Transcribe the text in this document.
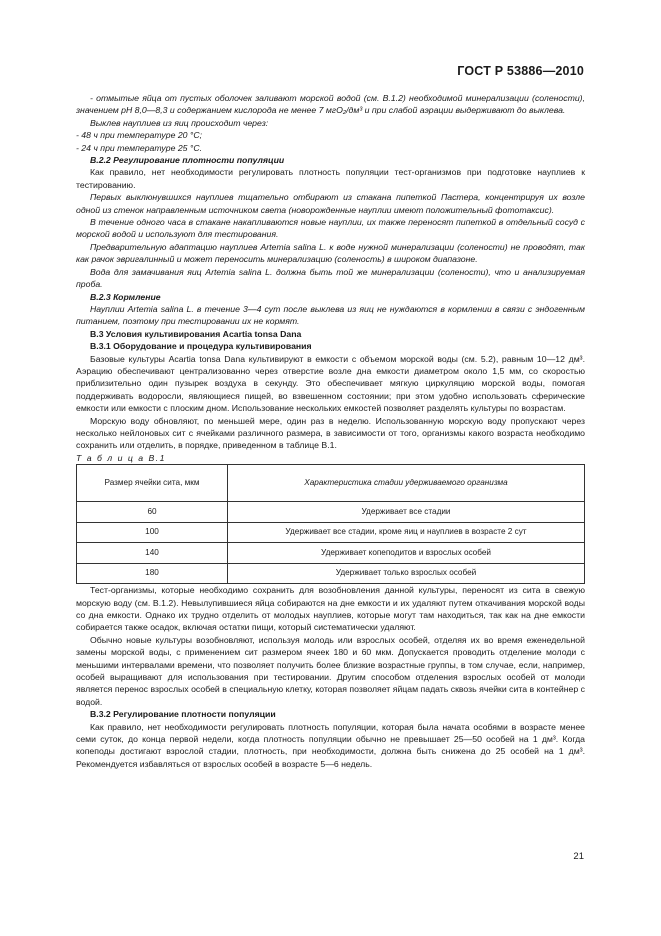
ГОСТ Р 53886—2010

- отмытые яйца от пустых оболочек заливают морской водой (см. В.1.2) необходимой минерализации (солености), значением pH 8,0—8,3 и содержанием кислорода не менее 7 мгO₂/дм³ и при слабой аэрации выдерживают до выклева.

Выклев науплиев из яиц происходит через:

- 48 ч при температуре 20 °С;

- 24 ч при температуре 25 °С.

В.2.2 Регулирование плотности популяции

Как правило, нет необходимости регулировать плотность популяции тест-организмов при подготовке науплиев к тестированию.

Первых выклюнувшихся науплиев тщательно отбирают из стакана пипеткой Пастера, концентрируя их возле одной из стенок направленным источником света (новорожденные науплии имеют положительный фототаксис).

В течение одного часа в стакане накапливаются новые науплии, их также переносят пипеткой в отдельный сосуд с морской водой и используют для тестирования.

Предварительную адаптацию науплиев Artemia salina L. к воде нужной минерализации (солености) не проводят, так как рачок эвригалинный и может переносить минерализацию (соленость) в широком диапазоне.

Вода для замачивания яиц Artemia salina L. должна быть той же минерализации (солености), что и анализируемая проба.

В.2.3 Кормление

Науплии Artemia salina L. в течение 3—4 сут после выклева из яиц не нуждаются в кормлении в связи с эндогенным питанием, поэтому при тестировании их не кормят.

В.3 Условия культивирования Acartia tonsa Dana

В.3.1 Оборудование и процедура культивирования

Базовые культуры Acartia tonsa Dana культивируют в емкости с объемом морской воды (см. 5.2), равным 10—12 дм³. Аэрацию обеспечивают централизованно через отверстие возле дна емкости диаметром около 1,5 мм, со скоростью приблизительно один пузырек воздуха в секунду. Это обеспечивает мягкую циркуляцию морской воды, помогая поддерживать водоросли, являющиеся пищей, во взвешенном состоянии; при этом удобно использовать сферические емкости или емкости с плоским дном. Использование нескольких емкостей позволяет разделять культуры по возрастам.

Морскую воду обновляют, по меньшей мере, один раз в неделю. Использованную морскую воду пропускают через несколько нейлоновых сит с ячейками различного размера, в зависимости от того, организмы какого возраста необходимо сохранить или отделить, в порядке, приведенном в таблице В.1.

Т а б л и ц а В.1

Размер ячейки сита, мкм	Характеристика стадии удерживаемого организма
60	Удерживает все стадии
100	Удерживает все стадии, кроме яиц и науплиев в возрасте 2 сут
140	Удерживает копеподитов и взрослых особей
180	Удерживает только взрослых особей

Тест-организмы, которые необходимо сохранить для возобновления данной культуры, переносят из сита в свежую морскую воду (см. В.1.2). Невылупившиеся яйца собираются на дне емкости и их удаляют путем откачивания морской воды со дна емкости. Однако их трудно отделить от молодых науплиев, которые могут там находиться, так как на дне емкости собирается также осадок, включая остатки пищи, который систематически удаляют.

Обычно новые культуры возобновляют, используя молодь или взрослых особей, отделяя их во время еженедельной замены морской воды, с применением сит размером ячеек 180 и 60 мкм. Допускается проводить отделение молоди с меньшими интервалами времени, что позволяет получить более близкие возрастные группы, в том случае, если, например, особей выращивают для использования при тестировании. Другим способом отделения взрослых особей от молоди является перенос взрослых особей в специальную клетку, которая позволяет яйцам падать сквозь ячейки сита в контейнер с водой.

В.3.2 Регулирование плотности популяции

Как правило, нет необходимости регулировать плотность популяции, которая была начата особями в возрасте менее семи суток, до конца первой недели, когда плотность популяции обычно не превышает 25—50 особей на 1 дм³. Когда копеподы достигают взрослой стадии, плотность, при необходимости, должна быть снижена до 25 особей на 1 дм³. Рекомендуется избавляться от взрослых особей в возрасте 5—6 недель.

21
